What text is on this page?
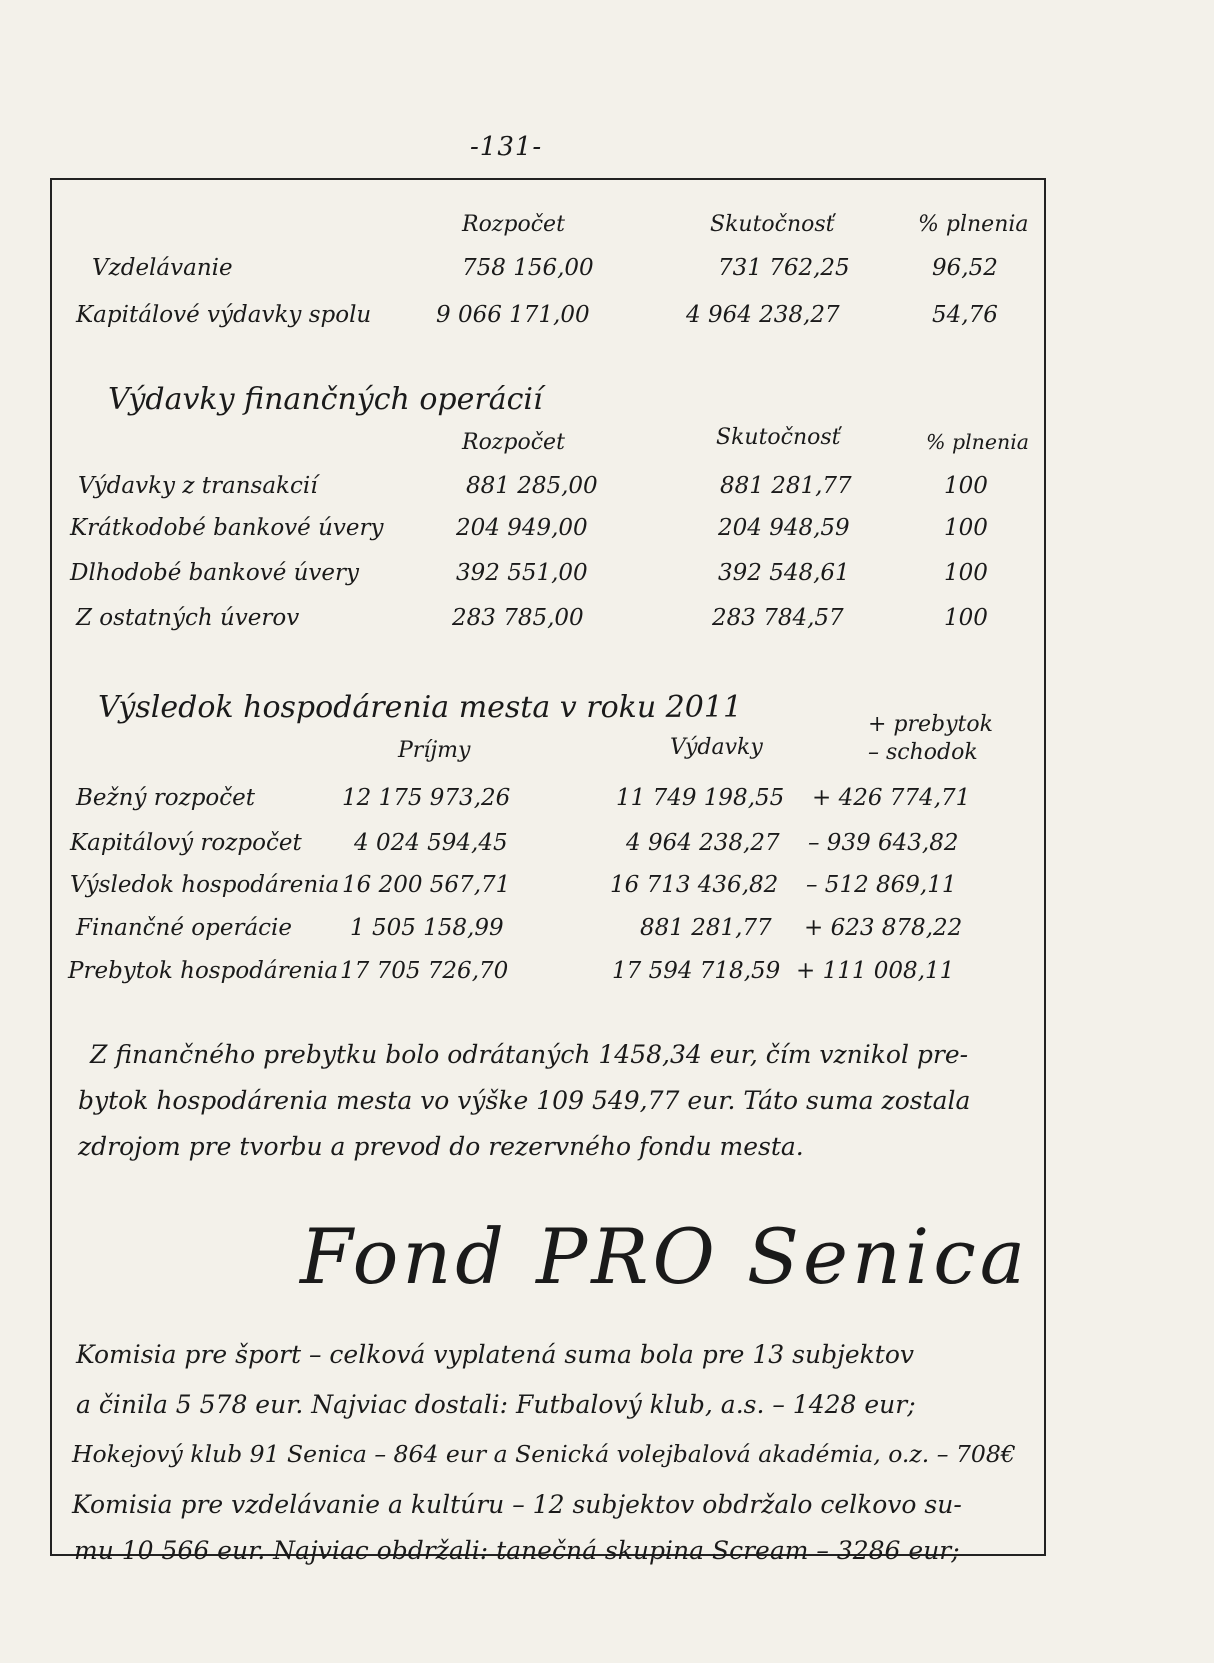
-131-
Rozpočet	Skutočnosť	% plnenia
Vzdelávanie	758 156,00	731 762,25	96,52
Kapitálové výdavky spolu	9 066 171,00	4 964 238,27	54,76
Výdavky finančných operácií
Rozpočet	Skutočnosť	% plnenia
Výdavky z transakcií	881 285,00	881 281,77	100
Krátkodobé bankové úvery	204 949,00	204 948,59	100
Dlhodobé bankové úvery	392 551,00	392 548,61	100
Z ostatných úverov	283 785,00	283 784,57	100
Výsledok hospodárenia mesta v roku 2011
Príjmy	Výdavky
+ prebytok
– schodok
Bežný rozpočet	12 175 973,26	11 749 198,55 + 426 774,71
Kapitálový rozpočet 4 024 594,45	4 964 238,27 – 939 643,82
Výsledok hospodárenia 16 200 567,71	16 713 436,82 – 512 869,11
Finančné operácie	1 505 158,99	881 281,77 + 623 878,22
Prebytok hospodárenia 17 705 726,70	17 594 718,59 + 111 008,11
Z finančného prebytku bolo odrátaných 1458,34 eur, čím vznikol pre-
bytok hospodárenia mesta vo výške 109 549,77 eur. Táto suma zostala
zdrojom pre tvorbu a prevod do rezervného fondu mesta.
Fond PRO Senica
Komisia pre šport – celková vyplatená suma bola pre 13 subjektov
a činila 5 578 eur. Najviac dostali: Futbalový klub, a.s. – 1428 eur;
Hokejový klub 91 Senica – 864 eur a Senická volejbalová akadémia, o.z. – 708€
Komisia pre vzdelávanie a kultúru – 12 subjektov obdržalo celkovo su-
mu 10 566 eur. Najviac obdržali: tanečná skupina Scream – 3286 eur;
